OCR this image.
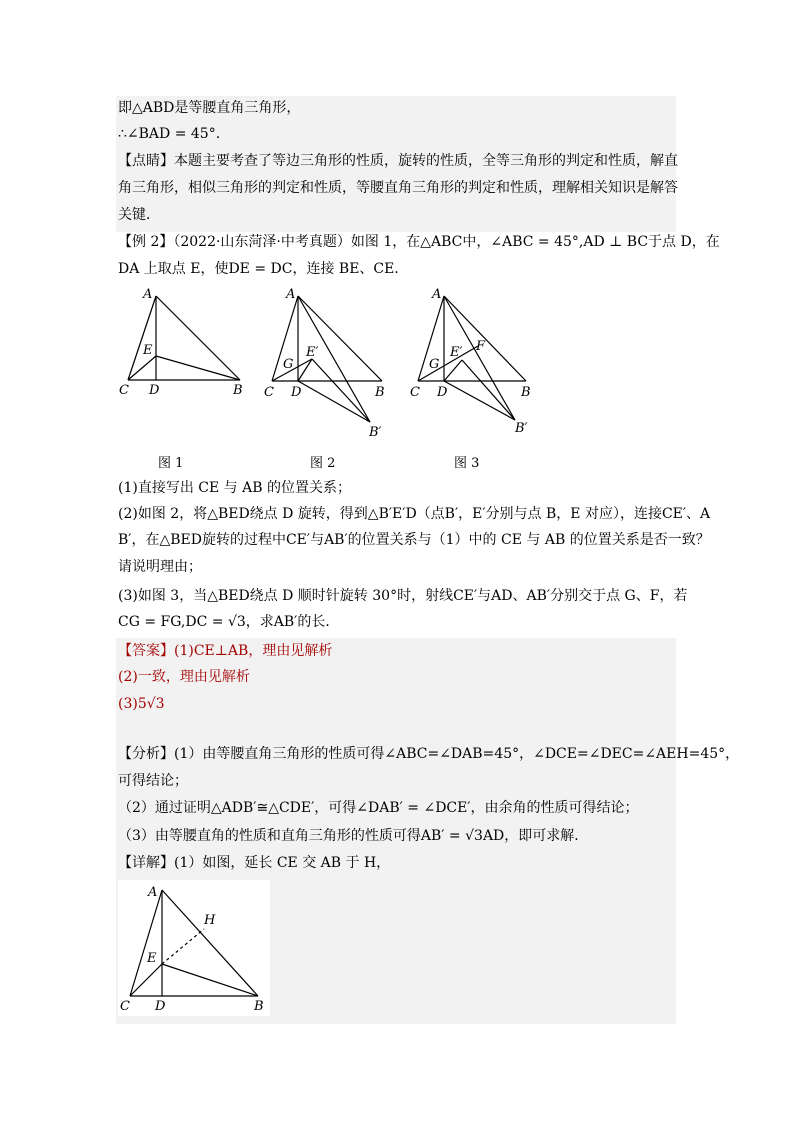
即△ABD是等腰直角三角形，
∴∠BAD = 45°.
【点睛】本题主要考查了等边三角形的性质，旋转的性质，全等三角形的判定和性质，解直
角三角形，相似三角形的判定和性质，等腰直角三角形的判定和性质，理解相关知识是解答
关键．
【例 2】（2022·山东菏泽·中考真题）如图 1，在△ABC中，∠ABC = 45°,AD ⊥ BC于点 D，在
DA 上取点 E，使DE = DC，连接 BE、CE．
A
E
C D	B
图 1
A
G
E′
C D	B
B′
图 2
A
G
E′ F
C D	B
B′
图 3
(1)直接写出 CE 与 AB 的位置关系；
(2)如图 2，将△BED绕点 D 旋转，得到△B′E′D（点B′，E′分别与点 B，E 对应），连接CE′、A
B′，在△BED旋转的过程中CE′与AB′的位置关系与（1）中的 CE 与 AB 的位置关系是否一致？
请说明理由；
(3)如图 3，当△BED绕点 D 顺时针旋转 30°时，射线CE′与AD、AB′分别交于点 G、F，若
CG = FG,DC = √3，求AB′的长．
【答案】(1)CE⊥AB，理由见解析
(2)一致，理由见解析
(3)5√3
【分析】(1）由等腰直角三角形的性质可得∠ABC=∠DAB=45°，∠DCE=∠DEC=∠AEH=45°，
可得结论；
（2）通过证明△ADB′≅△CDE′，可得∠DAB′ = ∠DCE′，由余角的性质可得结论；
（3）由等腰直角的性质和直角三角形的性质可得AB′ = √3AD，即可求解．
【详解】(1）如图，延长 CE 交 AB 于 H，
A
H
E
C D	B
